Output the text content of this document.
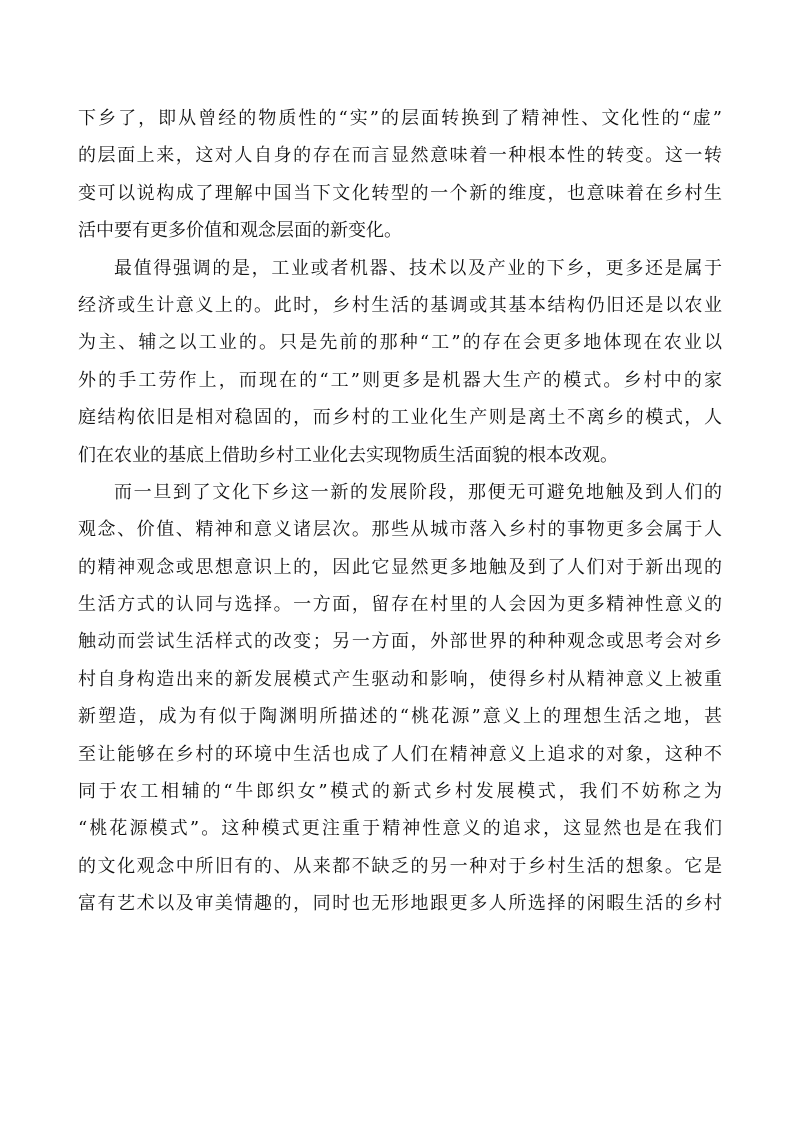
下乡了，即从曾经的物质性的“实”的层面转换到了精神性、文化性的“虚”
的层面上来，这对人自身的存在而言显然意味着一种根本性的转变。这一转
变可以说构成了理解中国当下文化转型的一个新的维度，也意味着在乡村生
活中要有更多价值和观念层面的新变化。
最值得强调的是，工业或者机器、技术以及产业的下乡，更多还是属于
经济或生计意义上的。此时，乡村生活的基调或其基本结构仍旧还是以农业
为主、辅之以工业的。只是先前的那种“工”的存在会更多地体现在农业以
外的手工劳作上，而现在的“工”则更多是机器大生产的模式。乡村中的家
庭结构依旧是相对稳固的，而乡村的工业化生产则是离土不离乡的模式，人
们在农业的基底上借助乡村工业化去实现物质生活面貌的根本改观。
而一旦到了文化下乡这一新的发展阶段，那便无可避免地触及到人们的
观念、价值、精神和意义诸层次。那些从城市落入乡村的事物更多会属于人
的精神观念或思想意识上的，因此它显然更多地触及到了人们对于新出现的
生活方式的认同与选择。一方面，留存在村里的人会因为更多精神性意义的
触动而尝试生活样式的改变；另一方面，外部世界的种种观念或思考会对乡
村自身构造出来的新发展模式产生驱动和影响，使得乡村从精神意义上被重
新塑造，成为有似于陶渊明所描述的“桃花源”意义上的理想生活之地，甚
至让能够在乡村的环境中生活也成了人们在精神意义上追求的对象，这种不
同于农工相辅的“牛郎织女”模式的新式乡村发展模式，我们不妨称之为
“桃花源模式”。这种模式更注重于精神性意义的追求，这显然也是在我们
的文化观念中所旧有的、从来都不缺乏的另一种对于乡村生活的想象。它是
富有艺术以及审美情趣的，同时也无形地跟更多人所选择的闲暇生活的乡村
